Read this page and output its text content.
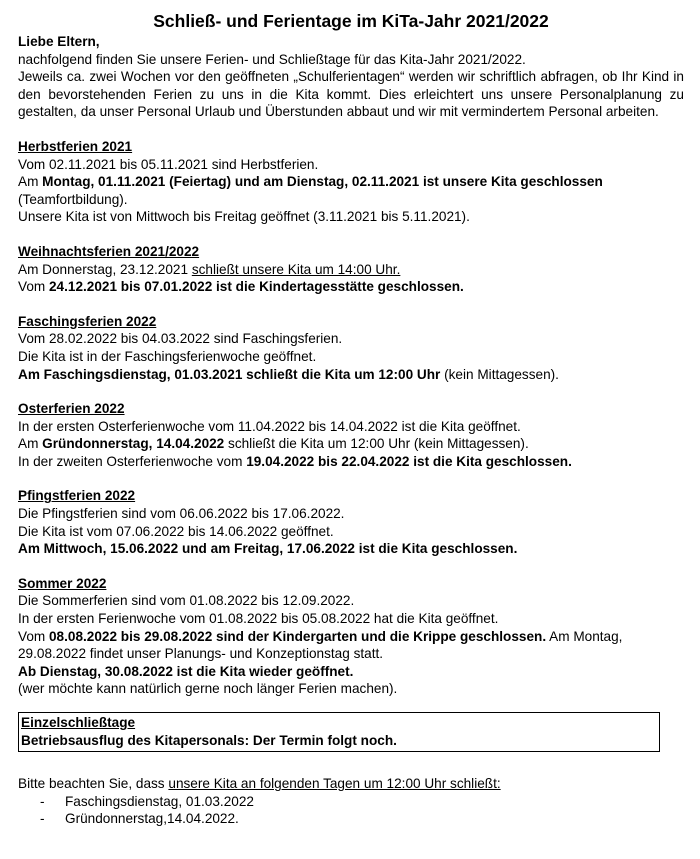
Schließ- und Ferientage im KiTa-Jahr 2021/2022
Liebe Eltern,
nachfolgend finden Sie unsere Ferien- und Schließtage für das Kita-Jahr 2021/2022.
Jeweils ca. zwei Wochen vor den geöffneten „Schulferientagen“ werden wir schriftlich abfragen, ob Ihr Kind in den bevorstehenden Ferien zu uns in die Kita kommt. Dies erleichtert uns unsere Personalplanung zu gestalten, da unser Personal Urlaub und Überstunden abbaut und wir mit vermindertem Personal arbeiten.
Herbstferien 2021
Vom 02.11.2021 bis 05.11.2021 sind Herbstferien.
Am Montag, 01.11.2021 (Feiertag) und am Dienstag, 02.11.2021 ist unsere Kita geschlossen (Teamfortbildung).
Unsere Kita ist von Mittwoch bis Freitag geöffnet (3.11.2021 bis 5.11.2021).
Weihnachtsferien 2021/2022
Am Donnerstag, 23.12.2021 schließt unsere Kita um 14:00 Uhr.
Vom 24.12.2021 bis 07.01.2022 ist die Kindertagesstätte geschlossen.
Faschingsferien 2022
Vom 28.02.2022 bis 04.03.2022 sind Faschingsferien.
Die Kita ist in der Faschingsferienwoche geöffnet.
Am Faschingsdienstag, 01.03.2021 schließt die Kita um 12:00 Uhr (kein Mittagessen).
Osterferien 2022
In der ersten Osterferienwoche vom 11.04.2022 bis 14.04.2022 ist die Kita geöffnet.
Am Gründonnerstag, 14.04.2022 schließt die Kita um 12:00 Uhr (kein Mittagessen).
In der zweiten Osterferienwoche vom 19.04.2022 bis 22.04.2022 ist die Kita geschlossen.
Pfingstferien 2022
Die Pfingstferien sind vom 06.06.2022 bis 17.06.2022.
Die Kita ist vom 07.06.2022 bis 14.06.2022 geöffnet.
Am Mittwoch, 15.06.2022 und am Freitag, 17.06.2022 ist die Kita geschlossen.
Sommer 2022
Die Sommerferien sind vom 01.08.2022 bis 12.09.2022.
In der ersten Ferienwoche vom 01.08.2022 bis 05.08.2022 hat die Kita geöffnet.
Vom 08.08.2022 bis 29.08.2022 sind der Kindergarten und die Krippe geschlossen. Am Montag, 29.08.2022 findet unser Planungs- und Konzeptionstag statt.
Ab Dienstag, 30.08.2022 ist die Kita wieder geöffnet.
(wer möchte kann natürlich gerne noch länger Ferien machen).
Einzelschließtage
Betriebsausflug des Kitapersonals: Der Termin folgt noch.
Bitte beachten Sie, dass unsere Kita an folgenden Tagen um 12:00 Uhr schließt:
- Faschingsdienstag, 01.03.2022
- Gründonnerstag,14.04.2022.
